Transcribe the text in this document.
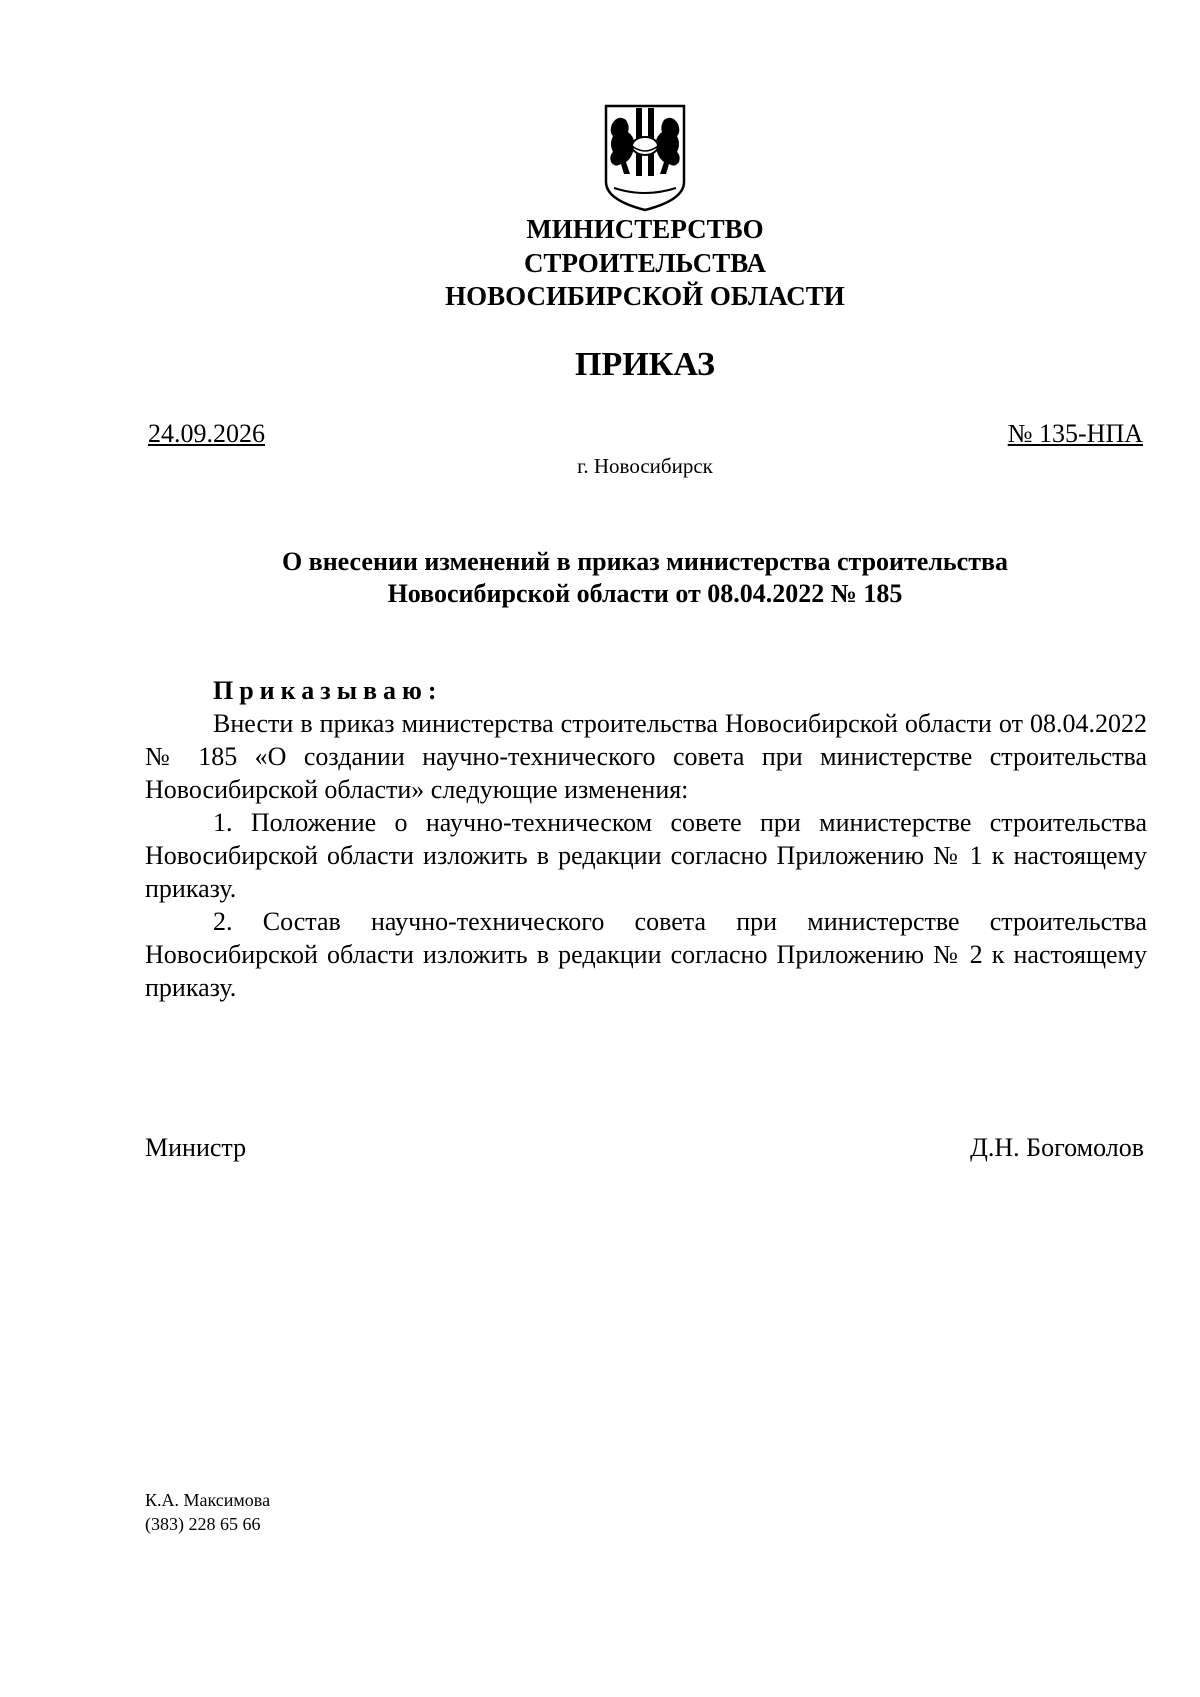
МИНИСТЕРСТВО
СТРОИТЕЛЬСТВА
НОВОСИБИРСКОЙ ОБЛАСТИ
ПРИКАЗ
24.09.2026	№ 135-НПА
г. Новосибирск
О внесении изменений в приказ министерства строительства
Новосибирской области от 08.04.2022 № 185

Приказываю:

Внести в приказ министерства строительства Новосибирской области от 08.04.2022 № 185 «О создании научно-технического совета при министерстве строительства Новосибирской области» следующие изменения:

1. Положение о научно-техническом совете при министерстве строительства Новосибирской области изложить в редакции согласно Приложению № 1 к настоящему приказу.

2. Состав научно-технического совета при министерстве строительства Новосибирской области изложить в редакции согласно Приложению № 2 к настоящему приказу.

Министр	Д.Н. Богомолов
К.А. Максимова
(383) 228 65 66
